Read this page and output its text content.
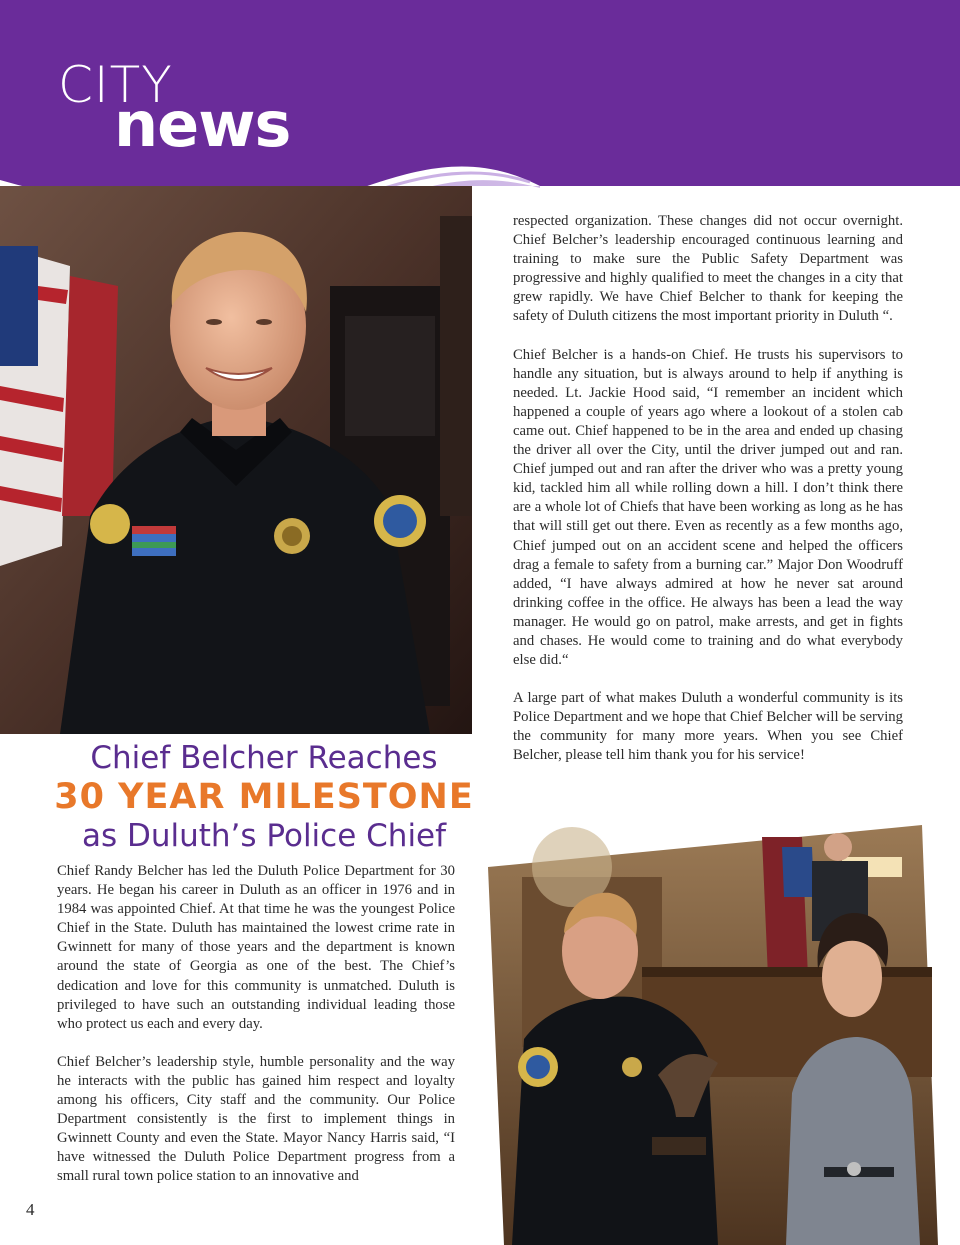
CITY
news
Chief Belcher Reaches
30 YEAR MILESTONE
as Duluth’s Police Chief

Chief Randy Belcher has led the Duluth Police Department for 30 years. He began his career in Duluth as an officer in 1976 and in 1984 was appointed Chief. At that time he was the youngest Police Chief in the State. Duluth has maintained the lowest crime rate in Gwinnett for many of those years and the department is known around the state of Georgia as one of the best. The Chief’s dedication and love for this community is unmatched. Duluth is privileged to have such an outstanding individual leading those who protect us each and every day.

Chief Belcher’s leadership style, humble personality and the way he interacts with the public has gained him respect and loyalty among his officers, City staff and the community. Our Police Department consistently is the first to implement things in Gwinnett County and even the State. Mayor Nancy Harris said, “I have witnessed the Duluth Police Department progress from a small rural town police station to an innovative and

respected organization. These changes did not occur overnight. Chief Belcher’s leadership encouraged continuous learning and training to make sure the Public Safety Department was progressive and highly qualified to meet the changes in a city that grew rapidly. We have Chief Belcher to thank for keeping the safety of Duluth citizens the most important priority in Duluth “.

Chief Belcher is a hands-on Chief. He trusts his supervisors to handle any situation, but is always around to help if anything is needed. Lt. Jackie Hood said, “I remember an incident which happened a couple of years ago where a lookout of a stolen cab came out. Chief happened to be in the area and ended up chasing the driver all over the City, until the driver jumped out and ran. Chief jumped out and ran after the driver who was a pretty young kid, tackled him all while rolling down a hill. I don’t think there are a whole lot of Chiefs that have been working as long as he has that will still get out there. Even as recently as a few months ago, Chief jumped out on an accident scene and helped the officers drag a female to safety from a burning car.” Major Don Woodruff added, “I have always admired at how he never sat around drinking coffee in the office. He always has been a lead the way manager. He would go on patrol, make arrests, and get in fights and chases. He would come to training and do what everybody else did.“

A large part of what makes Duluth a wonderful community is its Police Department and we hope that Chief Belcher will be serving the community for many more years. When you see Chief Belcher, please tell him thank you for his service!

4
